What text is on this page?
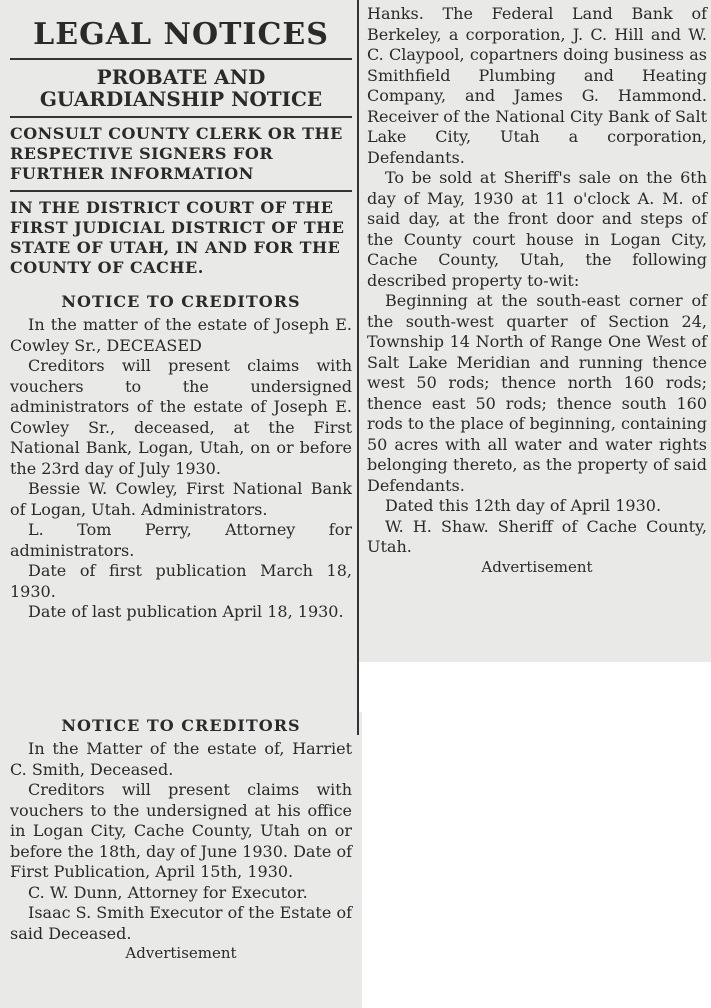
LEGAL NOTICES
PROBATE AND GUARDIANSHIP NOTICE

CONSULT COUNTY CLERK OR THE RESPECTIVE SIGNERS FOR FURTHER INFORMATION

IN THE DISTRICT COURT OF THE FIRST JUDICIAL DISTRICT OF THE STATE OF UTAH, IN AND FOR THE COUNTY OF CACHE.

NOTICE TO CREDITORS

In the matter of the estate of Joseph E. Cowley Sr., DECEASED

Creditors will present claims with vouchers to the undersigned administrators of the estate of Joseph E. Cowley Sr., deceased, at the First National Bank, Logan, Utah, on or before the 23rd day of July 1930.

Bessie W. Cowley, First National Bank of Logan, Utah. Administrators.

L. Tom Perry, Attorney for administrators.

Date of first publication March 18, 1930.

Date of last publication April 18, 1930.

NOTICE TO CREDITORS

In the Matter of the estate of, Harriet C. Smith, Deceased.

Creditors will present claims with vouchers to the undersigned at his office in Logan City, Cache County, Utah on or before the 18th, day of June 1930. Date of First Publication, April 15th, 1930.

C. W. Dunn, Attorney for Executor.

Isaac S. Smith Executor of the Estate of said Deceased.

Advertisement

Hanks. The Federal Land Bank of Berkeley, a corporation, J. C. Hill and W. C. Claypool, copartners doing business as Smithfield Plumbing and Heating Company, and James G. Hammond. Receiver of the National City Bank of Salt Lake City, Utah a corporation, Defendants.

To be sold at Sheriff's sale on the 6th day of May, 1930 at 11 o'clock A. M. of said day, at the front door and steps of the County court house in Logan City, Cache County, Utah, the following described property to-wit:

Beginning at the south-east corner of the south-west quarter of Section 24, Township 14 North of Range One West of Salt Lake Meridian and running thence west 50 rods; thence north 160 rods; thence east 50 rods; thence south 160 rods to the place of beginning, containing 50 acres with all water and water rights belonging thereto, as the property of said Defendants.

Dated this 12th day of April 1930.

W. H. Shaw. Sheriff of Cache County, Utah.

Advertisement
